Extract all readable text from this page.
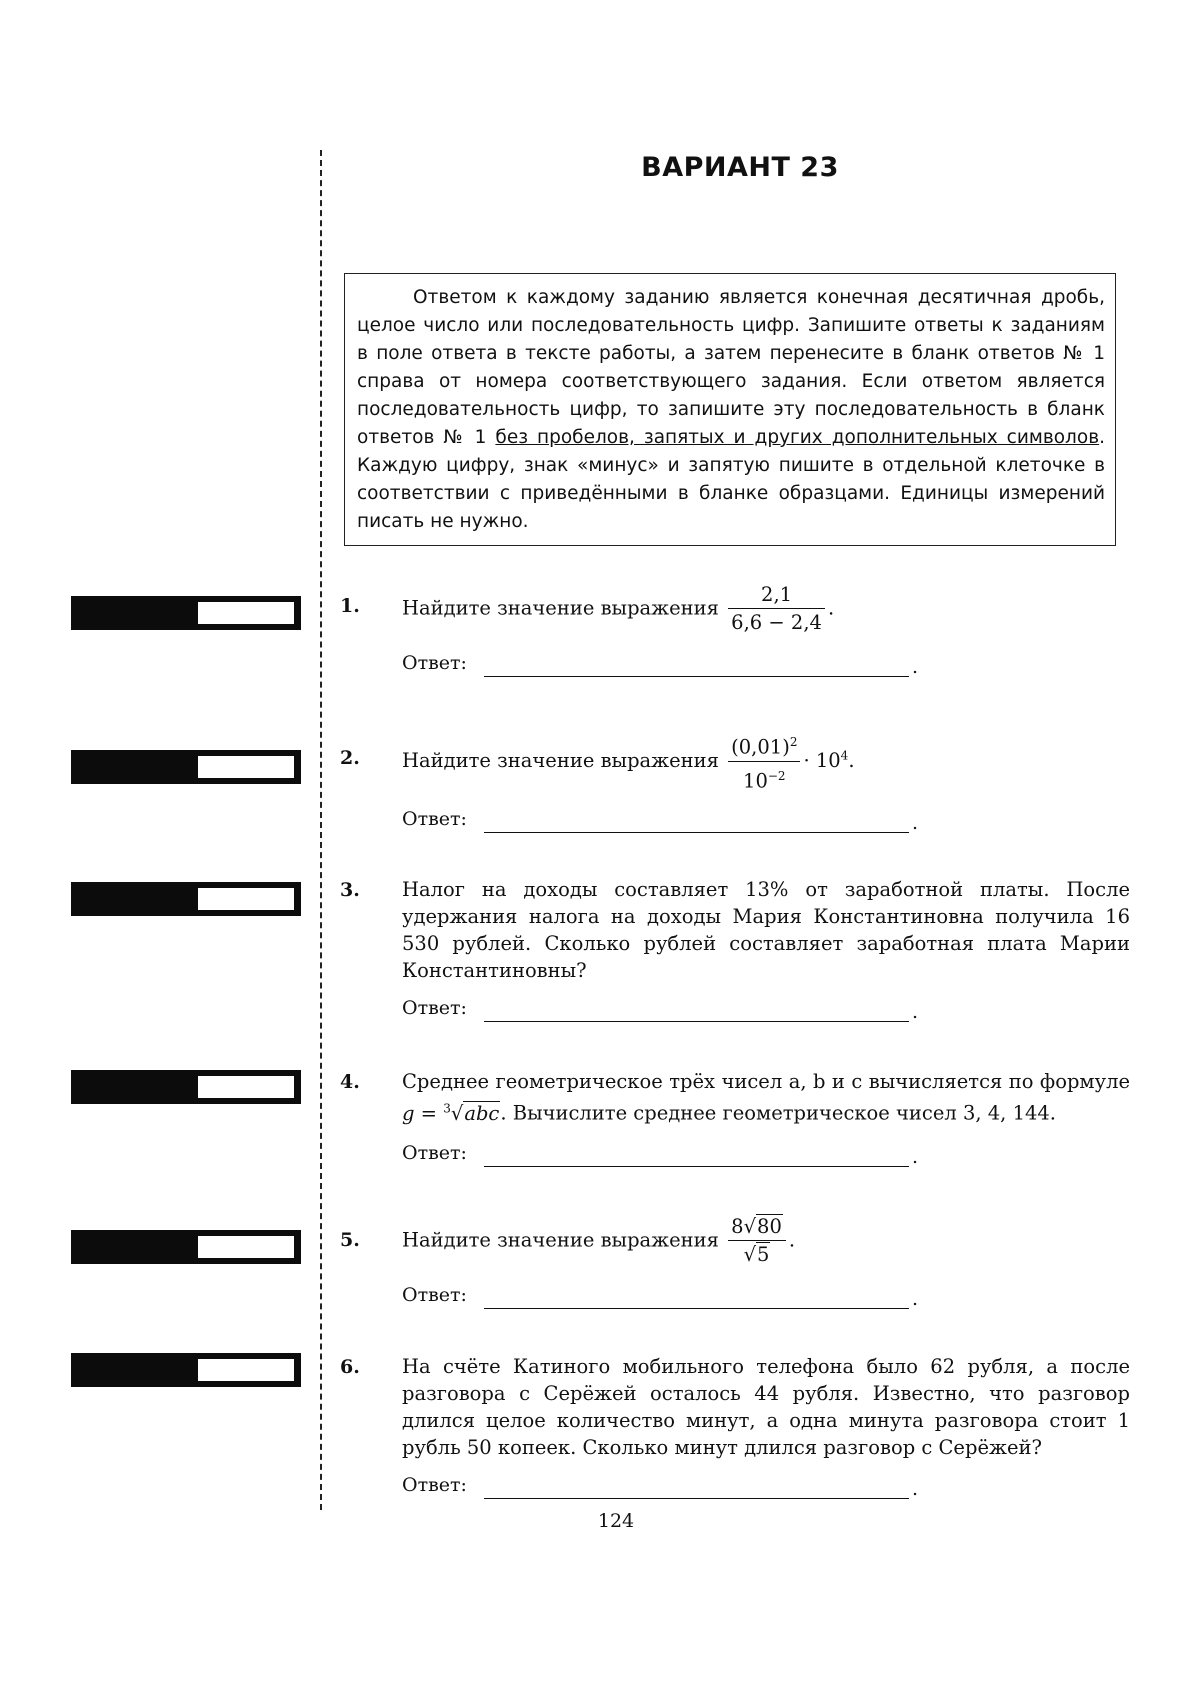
ВАРИАНТ 23

Ответом к каждому заданию является конечная десятичная дробь, целое число или последовательность цифр. Запишите ответы к заданиям в поле ответа в тексте работы, а затем перенесите в бланк ответов № 1 справа от номера соответствующего задания. Если ответом является последовательность цифр, то запишите эту последовательность в бланк ответов № 1 без пробелов, запятых и других дополнительных символов. Каждую цифру, знак «минус» и запятую пишите в отдельной клеточке в соответствии с приведёнными в бланке образцами. Единицы измерений писать не нужно.

1. Найдите значение выражения $\frac{2,1}{6,6 - 2,4}$ .
Ответ:	.
2. Найдите значение выражения $\frac{(0,01)^2}{10^{-2}} \cdot 10^4$.
Ответ:	.
3. Налог на доходы составляет 13% от заработной платы. После удержания налога на доходы Мария Константиновна получила 16 530 рублей. Сколько рублей составляет заработная плата Марии Константиновны?
Ответ:	.
4. Среднее геометрическое трёх чисел a, b и c вычисляется по формуле g = $^3$√abc. Вычислите среднее геометрическое чисел 3, 4, 144.
Ответ:	.
5. Найдите значение выражения $\frac{8√80}{√5}$ .
Ответ:	.
6. На счёте Катиного мобильного телефона было 62 рубля, а после разговора с Серёжей осталось 44 рубля. Известно, что разговор длился целое количество минут, а одна минута разговора стоит 1 рубль 50 копеек. Сколько минут длился разговор с Серёжей?
Ответ:	.
124
